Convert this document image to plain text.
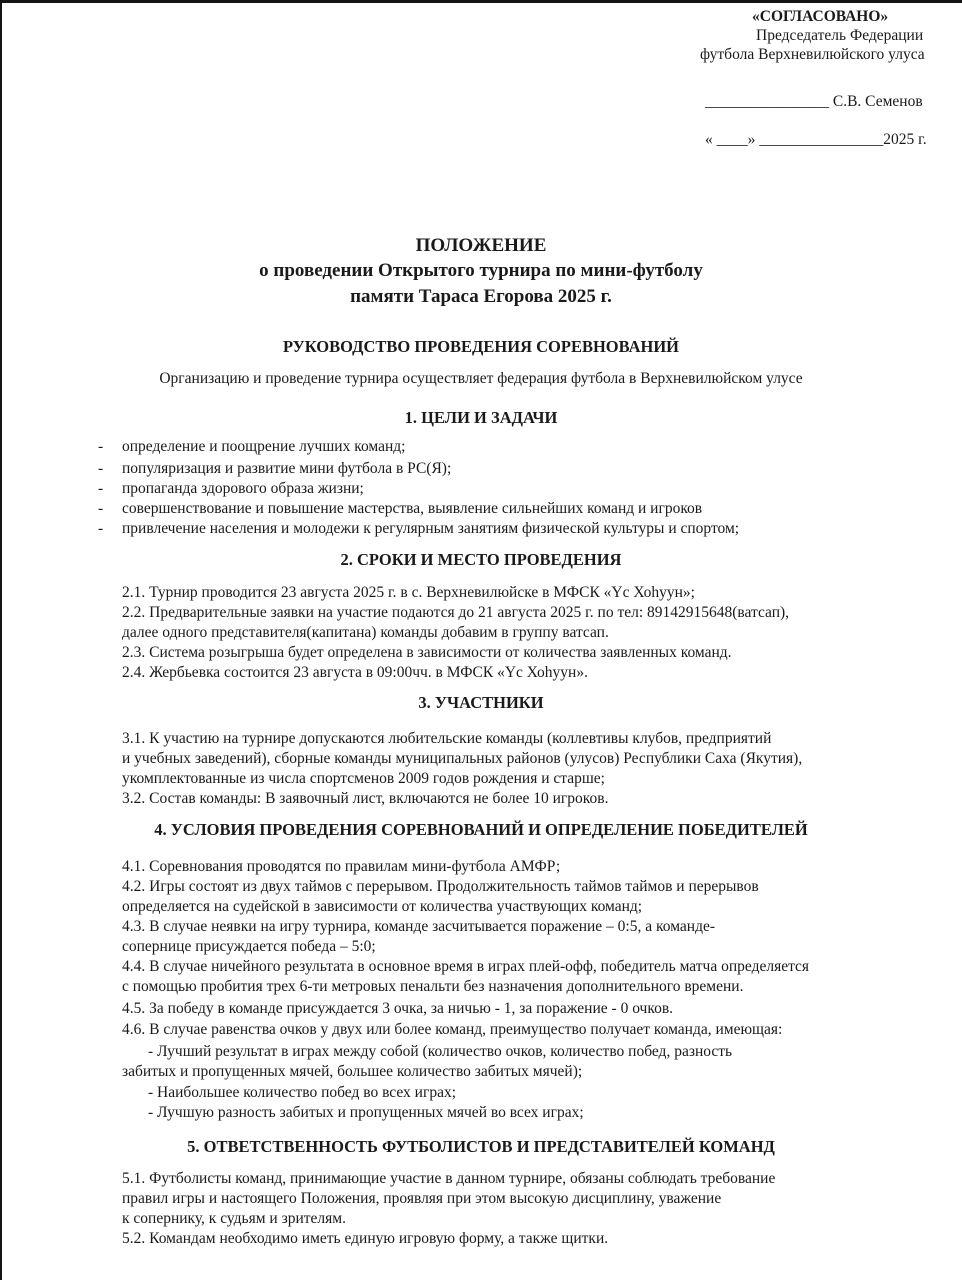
«СОГЛАСОВАНО»
Председатель Федерации
футбола Верхневилюйского улуса
________________ С.В. Семенов
« ____» ________________2025 г.
ПОЛОЖЕНИЕ
о проведении Открытого турнира по мини-футболу
памяти Тараса Егорова 2025 г.
РУКОВОДСТВО ПРОВЕДЕНИЯ СОРЕВНОВАНИЙ
Организацию и проведение турнира осуществляет федерация футбола в Верхневилюйском улусе
1. ЦЕЛИ И ЗАДАЧИ
- определение и поощрение лучших команд;
- популяризация и развитие мини футбола в РС(Я);
- пропаганда здорового образа жизни;
- совершенствование и повышение мастерства, выявление сильнейших команд и игроков
- привлечение населения и молодежи к регулярным занятиям физической культуры и спортом;
2. СРОКИ И МЕСТО ПРОВЕДЕНИЯ
2.1. Турнир проводится 23 августа 2025 г. в с. Верхневилюйске в МФСК «Үс Хоһуун»;
2.2. Предварительные заявки на участие подаются до 21 августа 2025 г. по тел: 89142915648(ватсап),
далее одного представителя(капитана) команды добавим в группу ватсап.
2.3. Система розыгрыша будет определена в зависимости от количества заявленных команд.
2.4. Жербьевка состоится 23 августа в 09:00чч. в МФСК «Үс Хоһуун».
3. УЧАСТНИКИ
3.1. К участию на турнире допускаются любительские команды (коллевтивы клубов, предприятий
и учебных заведений), сборные команды муниципальных районов (улусов) Республики Саха (Якутия),
укомплектованные из числа спортсменов 2009 годов рождения и старше;
3.2. Состав команды: В заявочный лист, включаются не более 10 игроков.
4. УСЛОВИЯ ПРОВЕДЕНИЯ СОРЕВНОВАНИЙ И ОПРЕДЕЛЕНИЕ ПОБЕДИТЕЛЕЙ
4.1. Соревнования проводятся по правилам мини-футбола АМФР;
4.2. Игры состоят из двух таймов с перерывом. Продолжительность таймов таймов и перерывов
определяется на судейской в зависимости от количества участвующих команд;
4.3. В случае неявки на игру турнира, команде засчитывается поражение – 0:5, а команде-
сопернице присуждается победа – 5:0;
4.4. В случае ничейного результата в основное время в играх плей-офф, победитель матча определяется
с помощью пробития трех 6-ти метровых пенальти без назначения дополнительного времени.
4.5. За победу в команде присуждается 3 очка, за ничью - 1, за поражение - 0 очков.
4.6. В случае равенства очков у двух или более команд, преимущество получает команда, имеющая:
- Лучший результат в играх между собой (количество очков, количество побед, разность
забитых и пропущенных мячей, большее количество забитых мячей);
- Наибольшее количество побед во всех играх;
- Лучшую разность забитых и пропущенных мячей во всех играх;
5. ОТВЕТСТВЕННОСТЬ ФУТБОЛИСТОВ И ПРЕДСТАВИТЕЛЕЙ КОМАНД
5.1. Футболисты команд, принимающие участие в данном турнире, обязаны соблюдать требование
правил игры и настоящего Положения, проявляя при этом высокую дисциплину, уважение
к сопернику, к судьям и зрителям.
5.2. Командам необходимо иметь единую игровую форму, а также щитки.
